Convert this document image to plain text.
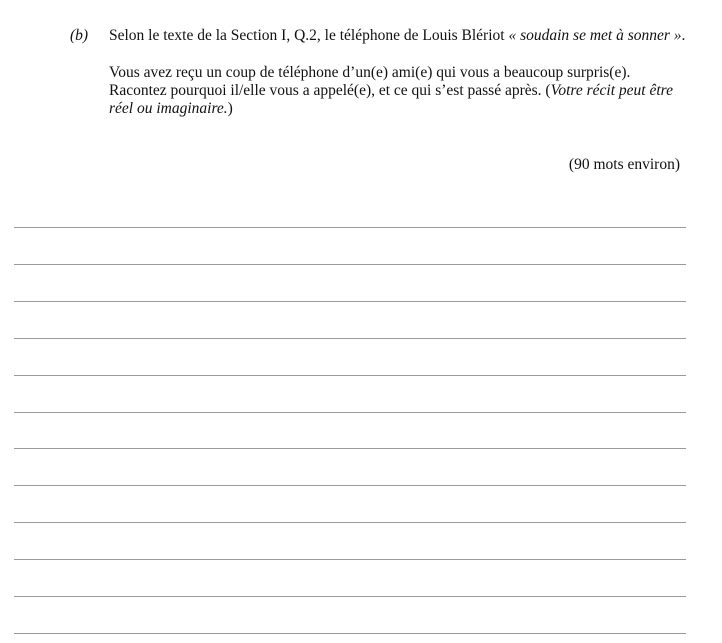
(b) Selon le texte de la Section I, Q.2, le téléphone de Louis Blériot « soudain se met à sonner ».

Vous avez reçu un coup de téléphone d’un(e) ami(e) qui vous a beaucoup surpris(e). Racontez pourquoi il/elle vous a appelé(e), et ce qui s’est passé après. (Votre récit peut être réel ou imaginaire.)

(90 mots environ)
